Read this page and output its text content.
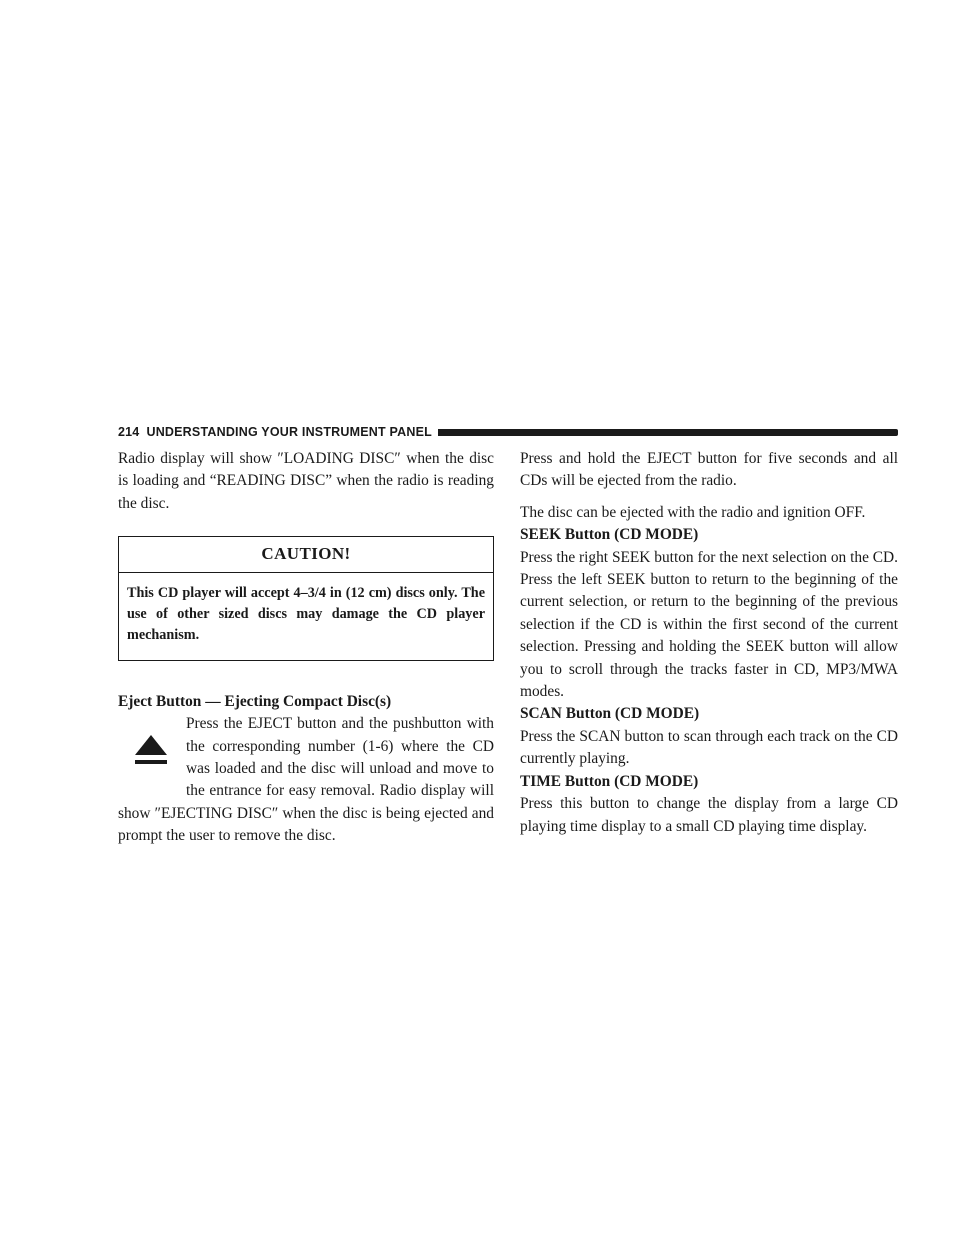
214 UNDERSTANDING YOUR INSTRUMENT PANEL

Radio display will show ″LOADING DISC″ when the disc is loading and “READING DISC” when the radio is reading the disc.

CAUTION!

This CD player will accept 4–3/4 in (12 cm) discs only. The use of other sized discs may damage the CD player mechanism.

Eject Button — Ejecting Compact Disc(s)

Press the EJECT button and the pushbutton with the corresponding number (1-6) where the CD was loaded and the disc will unload and move to the entrance for easy removal. Radio display will show ″EJECTING DISC″ when the disc is being ejected and prompt the user to remove the disc.

Press and hold the EJECT button for five seconds and all CDs will be ejected from the radio.

The disc can be ejected with the radio and ignition OFF.

SEEK Button (CD MODE)

Press the right SEEK button for the next selection on the CD. Press the left SEEK button to return to the beginning of the current selection, or return to the beginning of the previous selection if the CD is within the first second of the current selection. Pressing and holding the SEEK button will allow you to scroll through the tracks faster in CD, MP3/MWA modes.

SCAN Button (CD MODE)

Press the SCAN button to scan through each track on the CD currently playing.

TIME Button (CD MODE)

Press this button to change the display from a large CD playing time display to a small CD playing time display.
